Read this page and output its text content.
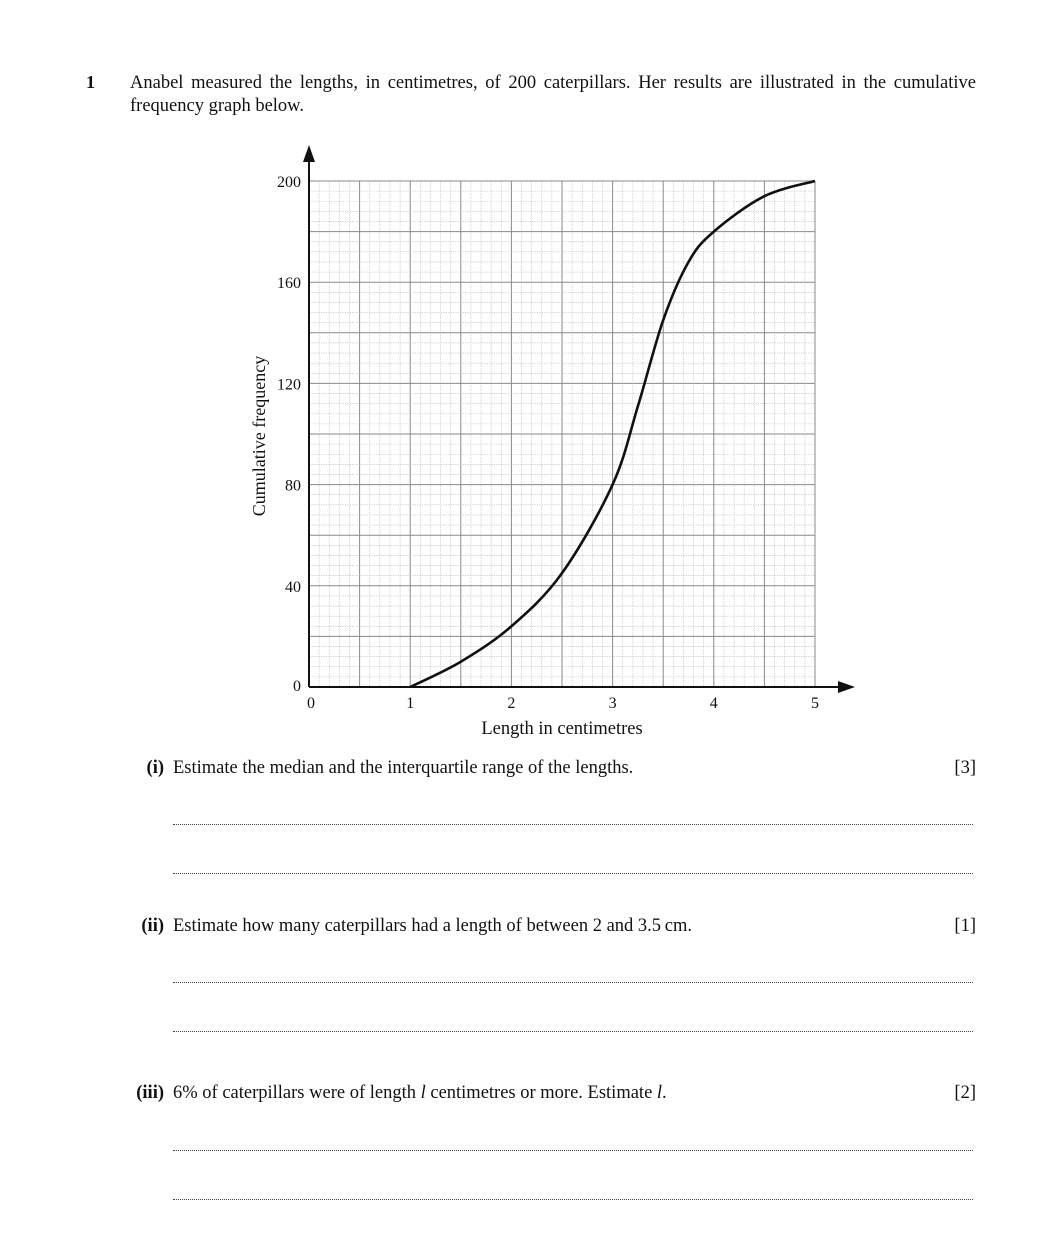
1 Anabel measured the lengths, in centimetres, of 200 caterpillars. Her results are illustrated in the cumulative frequency graph below.
0	1	2	3	4	5
0
40
80
120
160
200
Cumulative frequency
Length in centimetres
(i) Estimate the median and the interquartile range of the lengths.	[3]
(ii) Estimate how many caterpillars had a length of between 2 and 3.5 cm.	[1]
(iii) 6% of caterpillars were of length l centimetres or more. Estimate l.	[2]
